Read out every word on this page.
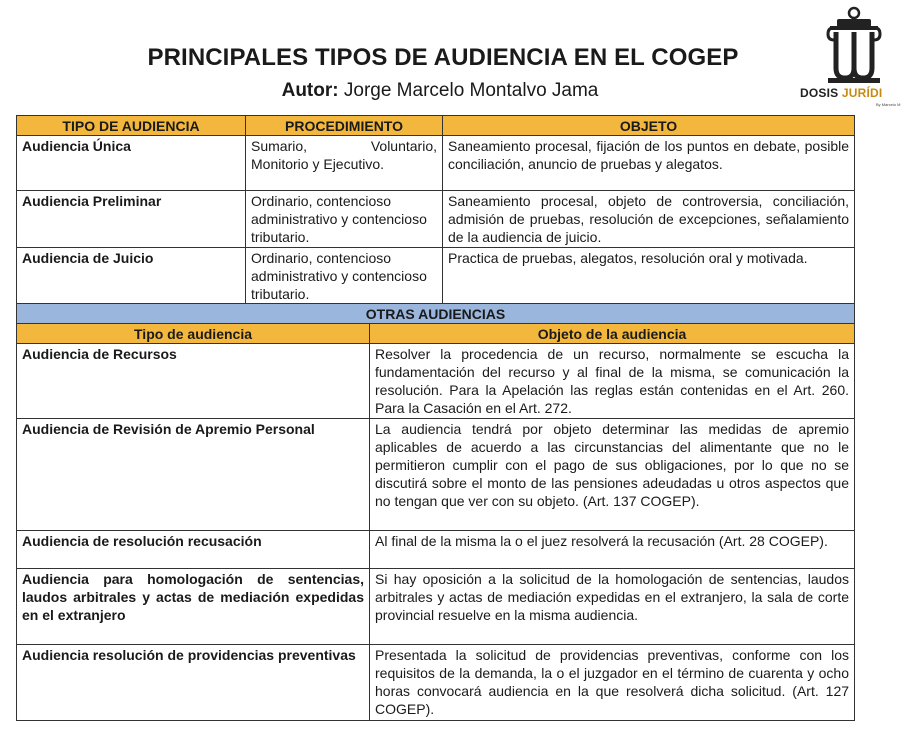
PRINCIPALES TIPOS DE AUDIENCIA EN EL COGEP
Autor: Jorge Marcelo Montalvo Jama	DOSIS JURÍDI
By Marcelo M
TIPO DE AUDIENCIA	PROCEDIMIENTO		OBJETO
Audiencia Única	Sumario, Voluntario, Monitorio y Ejecutivo.		Saneamiento procesal, fijación de los puntos en debate, posible conciliación, anuncio de pruebas y alegatos.
Audiencia Preliminar	Ordinario, contencioso administrativo y contencioso tributario.		Saneamiento procesal, objeto de controversia, conciliación, admisión de pruebas, resolución de excepciones, señalamiento de la audiencia de juicio.
Audiencia de Juicio	Ordinario, contencioso administrativo y contencioso tributario.		Practica de pruebas, alegatos, resolución oral y motivada.
OTRAS AUDIENCIAS			
Tipo de audiencia		Objeto de la audiencia	
Audiencia de Recursos		Resolver la procedencia de un recurso, normalmente se escucha la fundamentación del recurso y al final de la misma, se comunicación la resolución. Para la Apelación las reglas están contenidas en el Art. 260. Para la Casación en el Art. 272.	
Audiencia de Revisión de Apremio Personal		La audiencia tendrá por objeto determinar las medidas de apremio aplicables de acuerdo a las circunstancias del alimentante que no le permitieron cumplir con el pago de sus obligaciones, por lo que no se discutirá sobre el monto de las pensiones adeudadas u otros aspectos que no tengan que ver con su objeto. (Art. 137 COGEP).	
Audiencia de resolución recusación		Al final de la misma la o el juez resolverá la recusación (Art. 28 COGEP).	
Audiencia para homologación de sentencias, laudos arbitrales y actas de mediación expedidas en el extranjero		Si hay oposición a la solicitud de la homologación de sentencias, laudos arbitrales y actas de mediación expedidas en el extranjero, la sala de corte provincial resuelve en la misma audiencia.	
Audiencia resolución de providencias preventivas		Presentada la solicitud de providencias preventivas, conforme con los requisitos de la demanda, la o el juzgador en el término de cuarenta y ocho horas convocará audiencia en la que resolverá dicha solicitud. (Art. 127 COGEP).	
